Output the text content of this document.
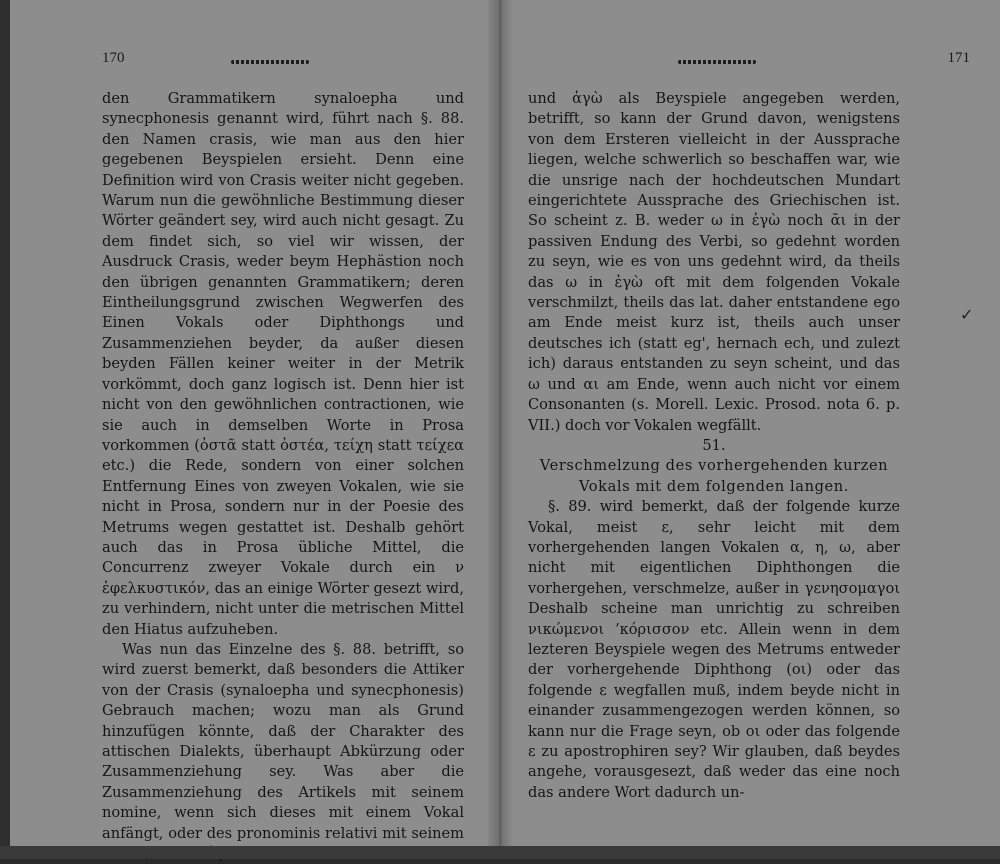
170

den Grammatikern synaloepha und synecphonesis genannt wird, führt nach §. 88. den Namen crasis, wie man aus den hier gegebenen Beyspielen ersieht. Denn eine Definition wird von Crasis weiter nicht gegeben. Warum nun die gewöhnliche Bestimmung dieser Wörter geändert sey, wird auch nicht gesagt. Zu dem findet sich, so viel wir wissen, der Ausdruck Crasis, weder beym Hephästion noch den übrigen genannten Grammatikern; deren Eintheilungsgrund zwischen Wegwerfen des Einen Vokals oder Diphthongs und Zusammenziehen beyder, da außer diesen beyden Fällen keiner weiter in der Metrik vorkömmt, doch ganz logisch ist. Denn hier ist nicht von den gewöhnlichen contractionen, wie sie auch in demselben Worte in Prosa vorkommen (ὀστᾶ statt ὀστέα, τείχη statt τείχεα etc.) die Rede, sondern von einer solchen Entfernung Eines von zweyen Vokalen, wie sie nicht in Prosa, sondern nur in der Poesie des Metrums wegen gestattet ist. Deshalb gehört auch das in Prosa übliche Mittel, die Concurrenz zweyer Vokale durch ein ν ἐφελκυστικόν, das an einige Wörter gesezt wird, zu verhindern, nicht unter die metrischen Mittel den Hiatus aufzuheben.

Was nun das Einzelne des §. 88. betrifft, so wird zuerst bemerkt, daß besonders die Attiker von der Crasis (synaloepha und synecphonesis) Gebrauch machen; wozu man als Grund hinzufügen könnte, daß der Charakter des attischen Dialekts, überhaupt Abkürzung oder Zusammenziehung sey. Was aber die Zusammenziehung des Artikels mit seinem nomine, wenn sich dieses mit einem Vokal anfängt, oder des pronominis relativi mit seinem

171

und ἁγὼ als Beyspiele angegeben werden, betrifft, so kann der Grund davon, wenigstens von dem Ersteren vielleicht in der Aussprache liegen, welche schwerlich so beschaffen war, wie die unsrige nach der hochdeutschen Mundart eingerichtete Aussprache des Griechischen ist. So scheint z. B. weder ω in ἐγὼ noch ᾱι in der passiven Endung des Verbi, so gedehnt worden zu seyn, wie es von uns gedehnt wird, da theils das ω in ἐγὼ oft mit dem folgenden Vokale verschmilzt, theils das lat. daher entstandene ego am Ende meist kurz ist, theils auch unser deutsches ich (statt eg', hernach ech, und zulezt ich) daraus entstanden zu seyn scheint, und das ω und αι am Ende, wenn auch nicht vor einem Consonanten (s. Morell. Lexic. Prosod. nota 6. p. VII.) doch vor Vokalen wegfällt.

51.

Verschmelzung des vorhergehenden kurzen Vokals mit dem folgenden langen.

§. 89. wird bemerkt, daß der folgende kurze Vokal, meist ε, sehr leicht mit dem vorhergehenden langen Vokalen α, η, ω, aber nicht mit eigentlichen Diphthongen die vorhergehen, verschmelze, außer in γενησομαγοι Deshalb scheine man unrichtig zu schreiben νικώμενοι ’κόρισσον etc. Allein wenn in dem lezteren Beyspiele wegen des Metrums entweder der vorhergehende Diphthong (οι) oder das folgende ε wegfallen muß, indem beyde nicht in einander zusammengezogen werden können, so kann nur die Frage seyn, ob οι oder das folgende ε zu apostrophiren sey? Wir glauben, daß beydes angehe, vorausgesezt, daß weder das eine noch das andere Wort dadurch un-

✓
